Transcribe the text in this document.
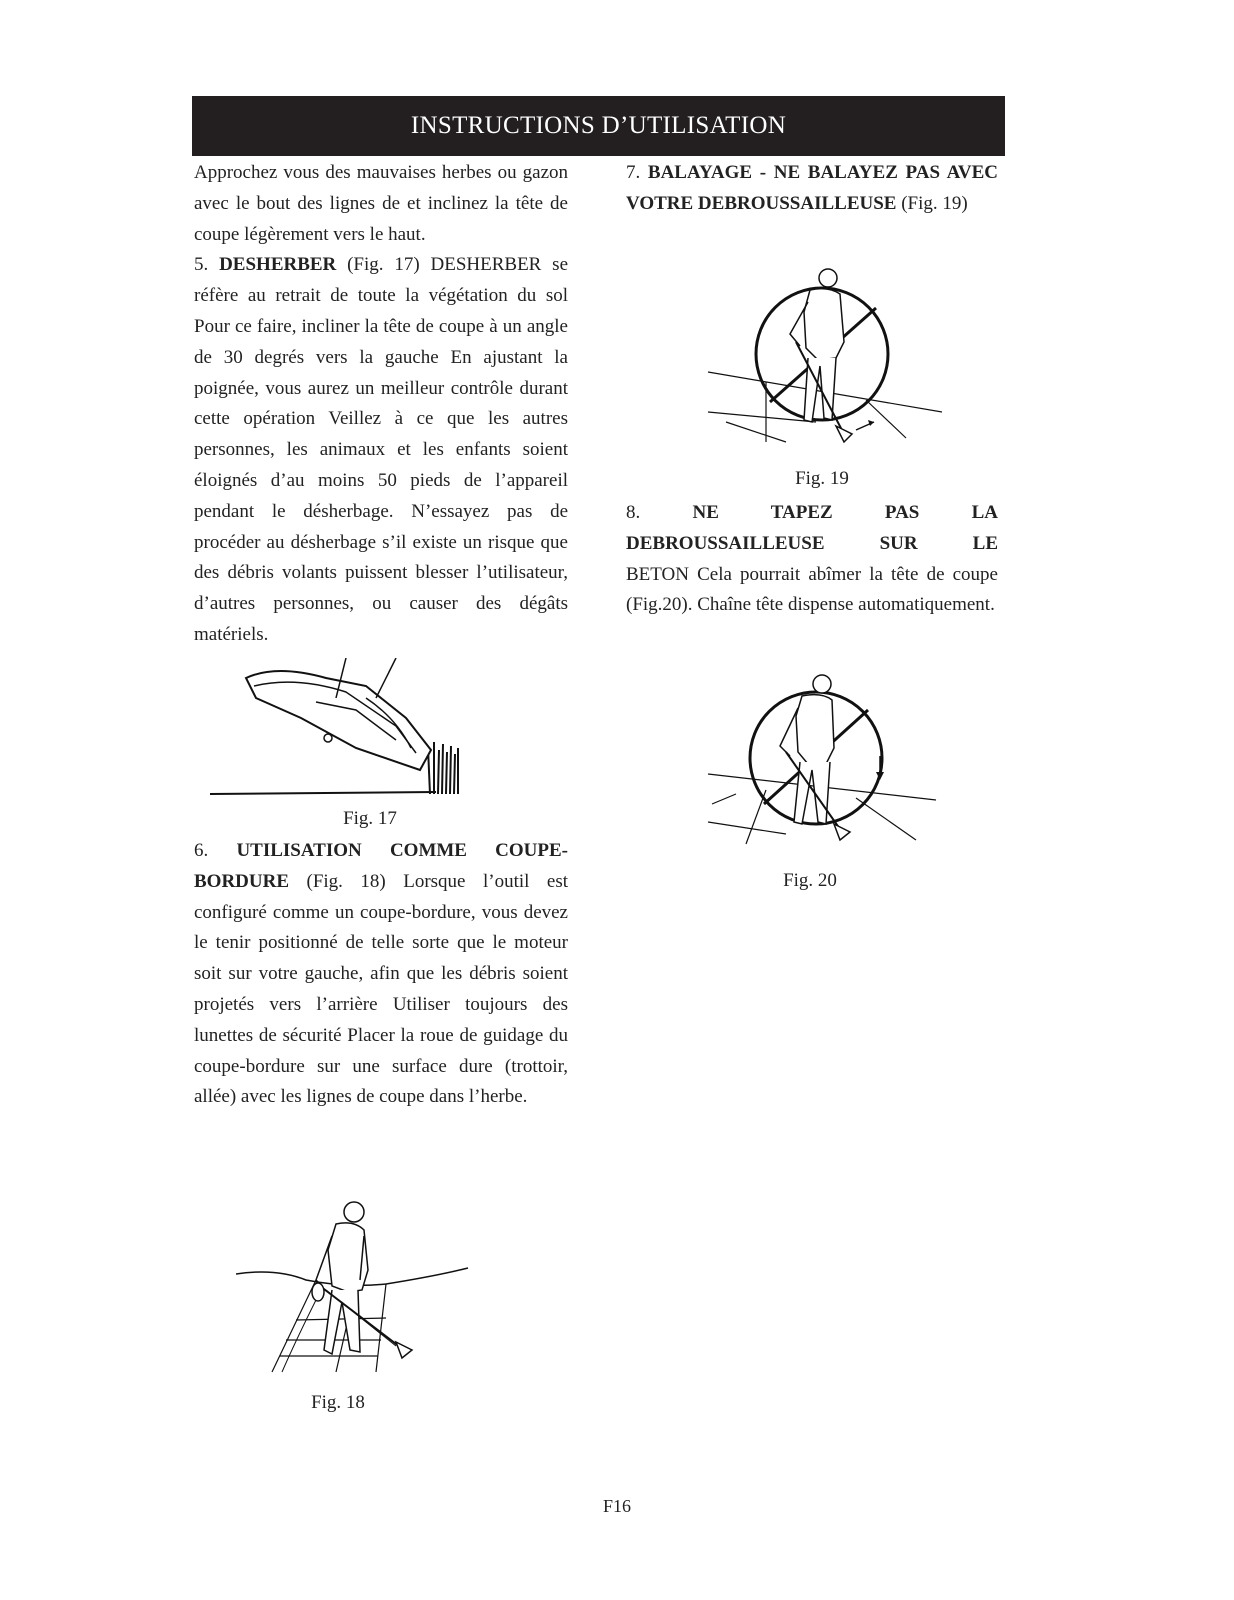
INSTRUCTIONS D’UTILISATION

Approchez vous des mauvaises herbes ou gazon avec le bout des lignes de et inclinez la tête de coupe légèrement vers le haut.

5. DESHERBER (Fig. 17) DESHERBER se réfère au retrait de toute la végétation du sol Pour ce faire, incliner la tête de coupe à un angle de 30 degrés vers la gauche En ajustant la poignée, vous aurez un meilleur contrôle durant cette opération Veillez à ce que les autres personnes, les animaux et les enfants soient éloignés d’au moins 50 pieds de l’appareil pendant le désherbage. N’essayez pas de procéder au désherbage s’il existe un risque que des débris volants puissent blesser l’utilisateur, d’autres personnes, ou causer des dégâts matériels.

Fig. 17

6. UTILISATION COMME COUPE-BORDURE (Fig. 18) Lorsque l’outil est configuré comme un coupe-bordure, vous devez le tenir positionné de telle sorte que le moteur soit sur votre gauche, afin que les débris soient projetés vers l’arrière Utiliser toujours des lunettes de sécurité Placer la roue de guidage du coupe-bordure sur une surface dure (trottoir, allée) avec les lignes de coupe dans l’herbe.

Fig. 18

7. BALAYAGE - NE BALAYEZ PAS AVEC VOTRE DEBROUSSAILLEUSE (Fig. 19)

Fig. 19

8.	NE TAPEZ PAS LA DEBROUSSAILLEUSE SUR LE

BETON Cela pourrait abîmer la tête de coupe (Fig.20). Chaîne tête dispense automatiquement.

Fig. 20
F16
